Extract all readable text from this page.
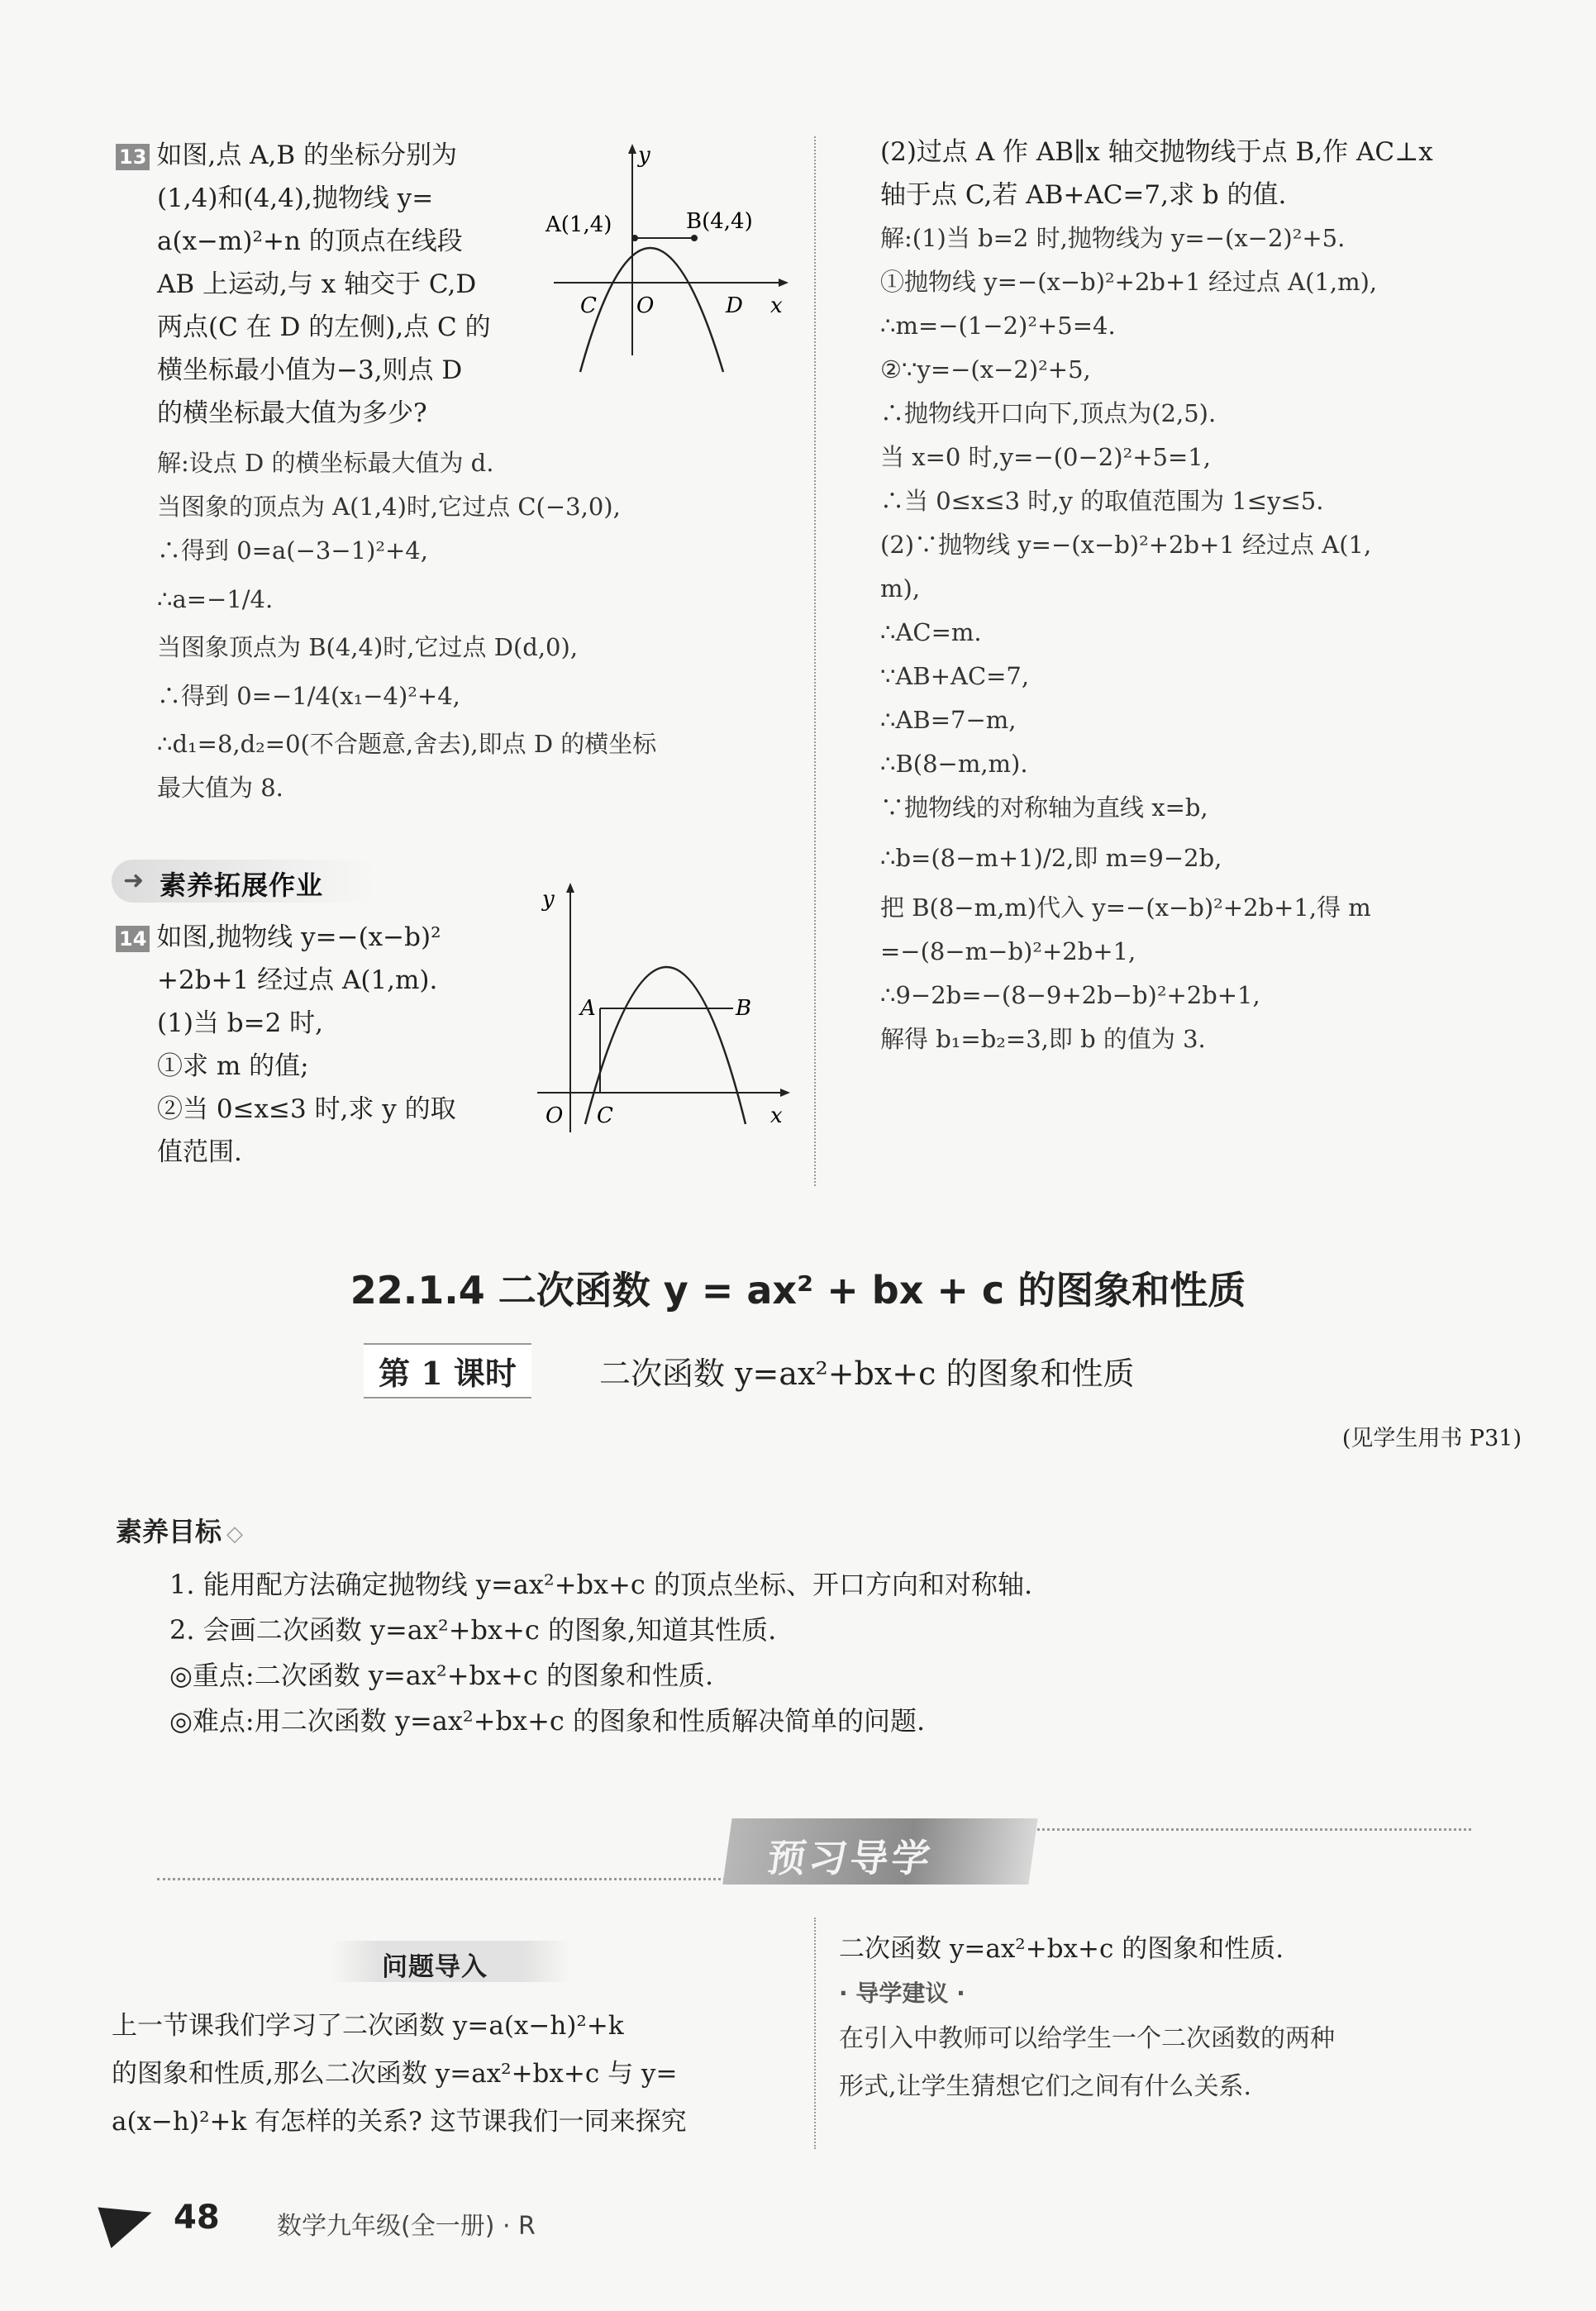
13 如图,点 A,B 的坐标分别为
(1,4)和(4,4),抛物线 y=
a(x−m)²+n 的顶点在线段
AB 上运动,与 x 轴交于 C,D
两点(C 在 D 的左侧),点 C 的
横坐标最小值为−3,则点 D
的横坐标最大值为多少?
y
A(1,4)	B(4,4)
C O	D x
解:设点 D 的横坐标最大值为 d.
当图象的顶点为 A(1,4)时,它过点 C(−3,0),
∴得到 0=a(−3−1)²+4,
∴a=−1/4.
当图象顶点为 B(4,4)时,它过点 D(d,0),
∴得到 0=−1/4(x₁−4)²+4,
∴d₁=8,d₂=0(不合题意,舍去),即点 D 的横坐标
最大值为 8.
➜ 素养拓展作业
14 如图,抛物线 y=−(x−b)²
+2b+1 经过点 A(1,m).
(1)当 b=2 时,
①求 m 的值;
②当 0≤x≤3 时,求 y 的取
值范围.
y
A	B
O C	x
(2)过点 A 作 AB∥x 轴交抛物线于点 B,作 AC⊥x
轴于点 C,若 AB+AC=7,求 b 的值.
解:(1)当 b=2 时,抛物线为 y=−(x−2)²+5.
①抛物线 y=−(x−b)²+2b+1 经过点 A(1,m),
∴m=−(1−2)²+5=4.
②∵y=−(x−2)²+5,
∴抛物线开口向下,顶点为(2,5).
当 x=0 时,y=−(0−2)²+5=1,
∴当 0≤x≤3 时,y 的取值范围为 1≤y≤5.
(2)∵抛物线 y=−(x−b)²+2b+1 经过点 A(1,
m),
∴AC=m.
∵AB+AC=7,
∴AB=7−m,
∴B(8−m,m).
∵抛物线的对称轴为直线 x=b,
∴b=(8−m+1)/2,即 m=9−2b,
把 B(8−m,m)代入 y=−(x−b)²+2b+1,得 m
=−(8−m−b)²+2b+1,
∴9−2b=−(8−9+2b−b)²+2b+1,
解得 b₁=b₂=3,即 b 的值为 3.
22.1.4 二次函数 y = ax² + bx + c 的图象和性质
第 1 课时	二次函数 y=ax²+bx+c 的图象和性质
(见学生用书 P31)
素养目标 ◇
1. 能用配方法确定抛物线 y=ax²+bx+c 的顶点坐标、开口方向和对称轴.
2. 会画二次函数 y=ax²+bx+c 的图象,知道其性质.
◎重点:二次函数 y=ax²+bx+c 的图象和性质.
◎难点:用二次函数 y=ax²+bx+c 的图象和性质解决简单的问题.
预习导学
问题导入
上一节课我们学习了二次函数 y=a(x−h)²+k
的图象和性质,那么二次函数 y=ax²+bx+c 与 y=
a(x−h)²+k 有怎样的关系? 这节课我们一同来探究
二次函数 y=ax²+bx+c 的图象和性质.
· 导学建议 ·
在引入中教师可以给学生一个二次函数的两种
形式,让学生猜想它们之间有什么关系.
48 数学九年级(全一册) · R
